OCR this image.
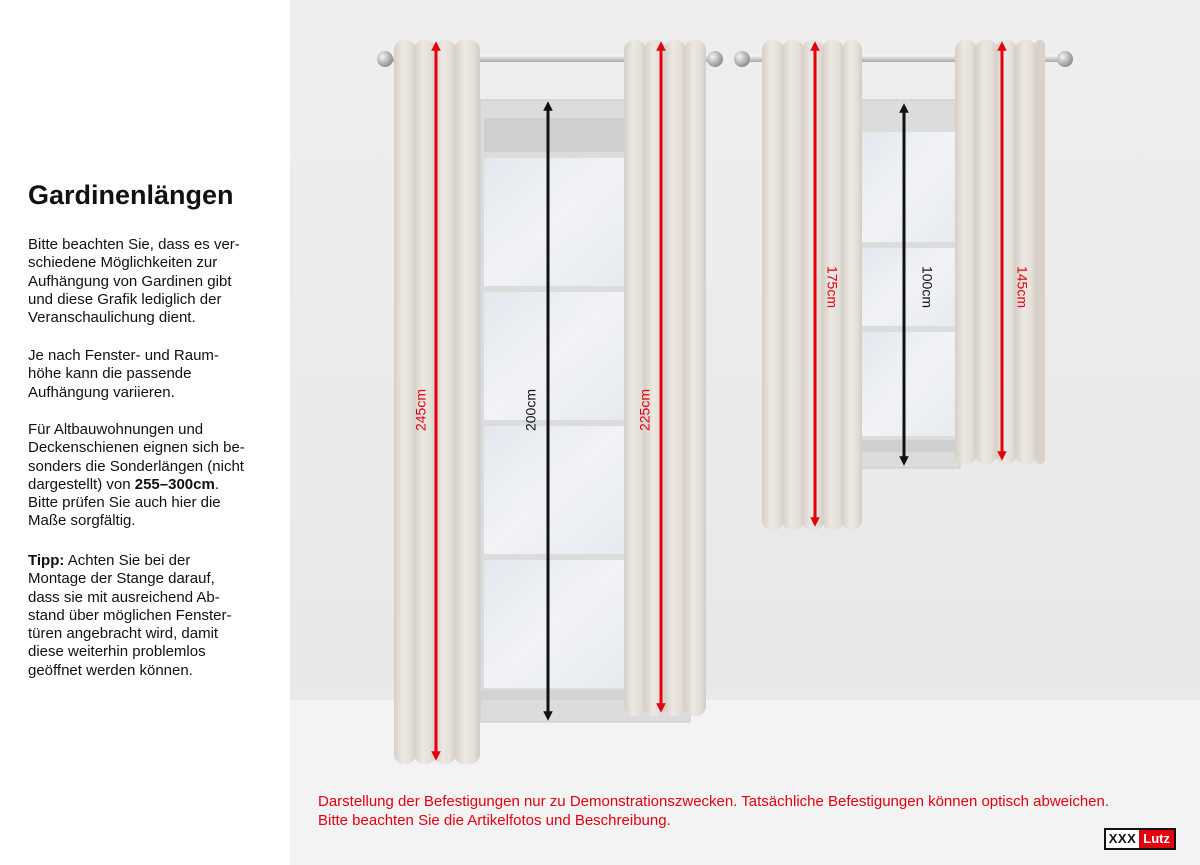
Gardinenlängen

Bitte beachten Sie, dass es ver-
schiedene Möglichkeiten zur
Aufhängung von Gardinen gibt
und diese Grafik lediglich der
Veranschaulichung dient.

Je nach Fenster- und Raum-
höhe kann die passende
Aufhängung variieren.

Für Altbauwohnungen und
Deckenschienen eignen sich be-
sonders die Sonderlängen (nicht
dargestellt) von 255–300cm.
Bitte prüfen Sie auch hier die
Maße sorgfältig.

Tipp: Achten Sie bei der
Montage der Stange darauf,
dass sie mit ausreichend Ab-
stand über möglichen Fenster-
türen angebracht wird, damit
diese weiterhin problemlos
geöffnet werden können.

245cm	200cm	225cm
175cm	100cm	145cm

Darstellung der Befestigungen nur zu Demonstrationszwecken. Tatsächliche Befestigungen können optisch abweichen.
Bitte beachten Sie die Artikelfotos und Beschreibung.

XXX Lutz
